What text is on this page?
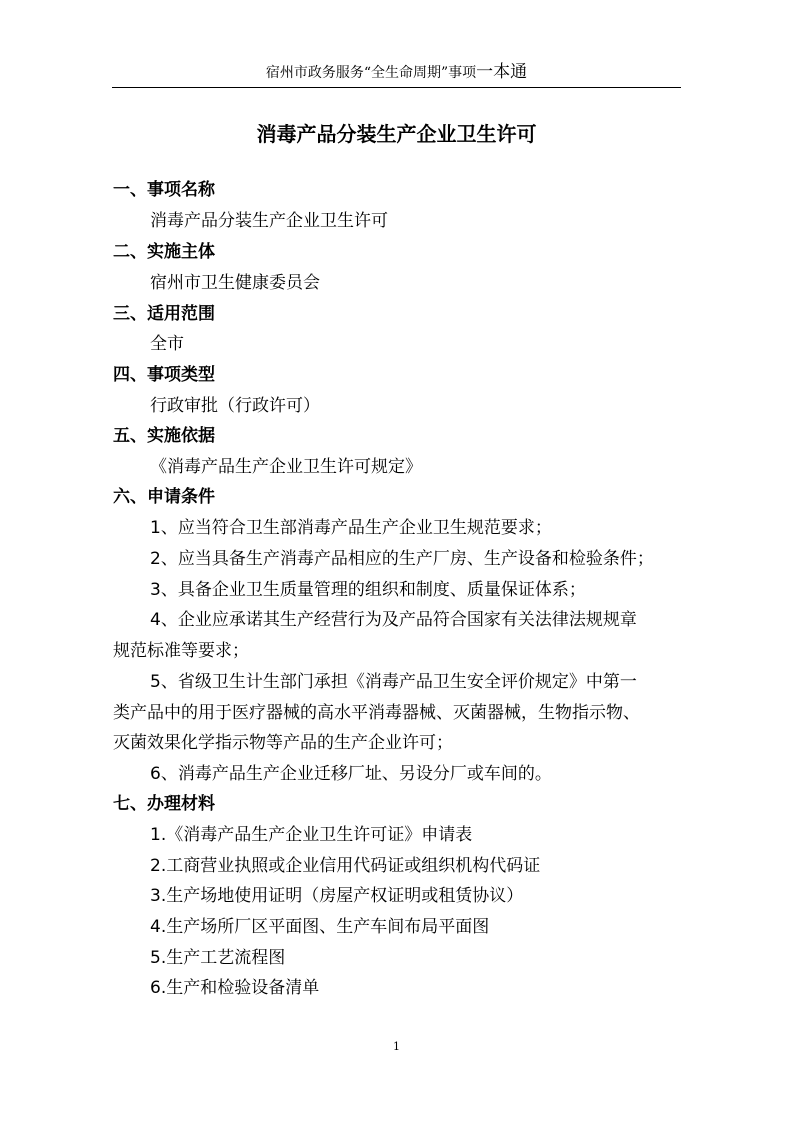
宿州市政务服务“全生命周期”事项一本通
消毒产品分装生产企业卫生许可
一、事项名称
消毒产品分装生产企业卫生许可
二、实施主体
宿州市卫生健康委员会
三、适用范围
全市
四、事项类型
行政审批（行政许可）
五、实施依据
《消毒产品生产企业卫生许可规定》
六、申请条件
1、应当符合卫生部消毒产品生产企业卫生规范要求；
2、应当具备生产消毒产品相应的生产厂房、生产设备和检验条件；
3、具备企业卫生质量管理的组织和制度、质量保证体系；
4、企业应承诺其生产经营行为及产品符合国家有关法律法规规章
规范标准等要求；
5、省级卫生计生部门承担《消毒产品卫生安全评价规定》中第一
类产品中的用于医疗器械的高水平消毒器械、灭菌器械，生物指示物、
灭菌效果化学指示物等产品的生产企业许可；
6、消毒产品生产企业迁移厂址、另设分厂或车间的。
七、办理材料
1.《消毒产品生产企业卫生许可证》申请表
2.工商营业执照或企业信用代码证或组织机构代码证
3.生产场地使用证明（房屋产权证明或租赁协议）
4.生产场所厂区平面图、生产车间布局平面图
5.生产工艺流程图
6.生产和检验设备清单
1
